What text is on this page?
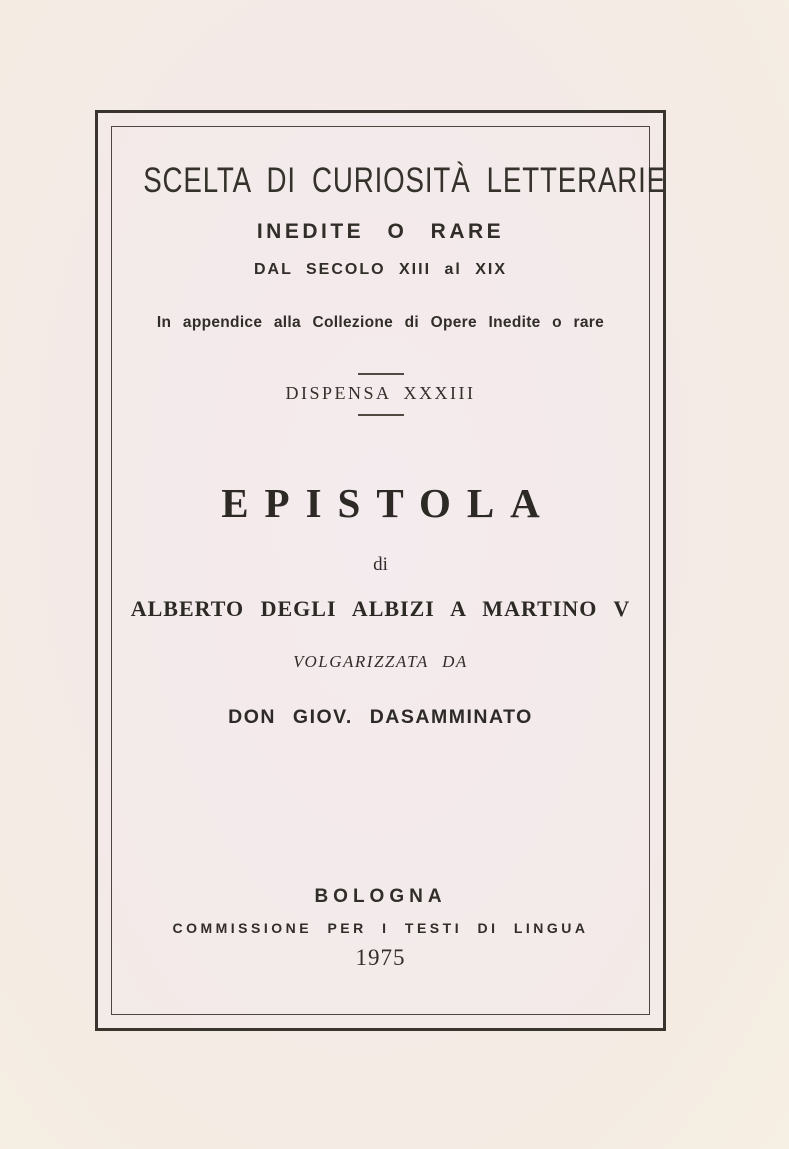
SCELTA DI CURIOSITÀ LETTERARIE
INEDITE O RARE
DAL SECOLO XIII al XIX
In appendice alla Collezione di Opere Inedite o rare
DISPENSA XXXIII
EPISTOLA
di
ALBERTO DEGLI ALBIZI A MARTINO V
VOLGARIZZATA DA
DON GIOV. DASAMMINATO
BOLOGNA
COMMISSIONE PER I TESTI DI LINGUA
1975
